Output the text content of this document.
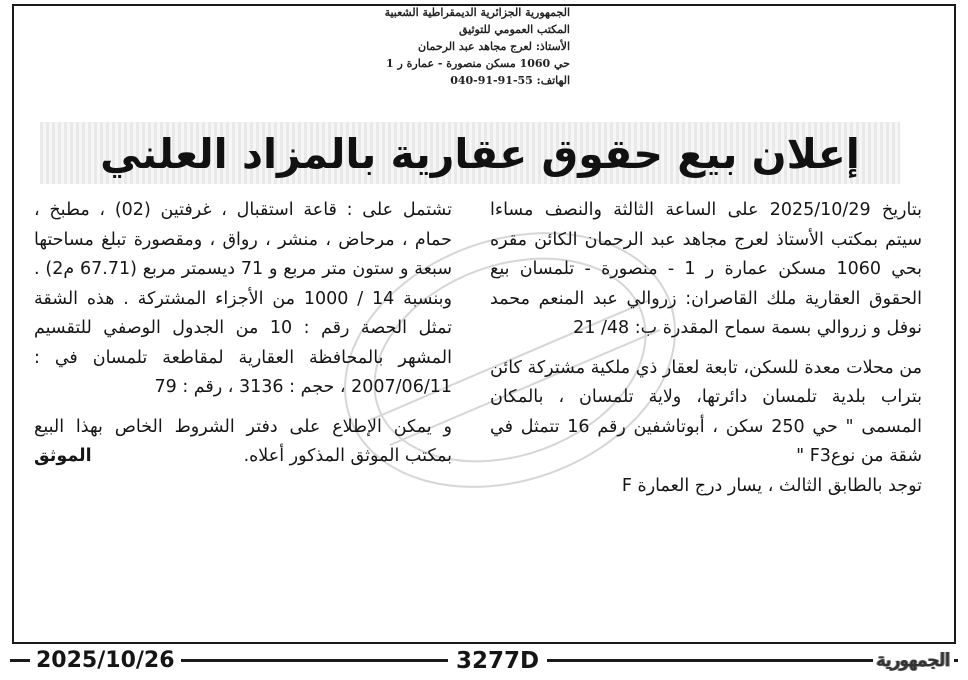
الجمهورية الجزائرية الديمقراطية الشعبية
المكتب العمومي للتوثيق
الأستاذ: لعرج مجاهد عبد الرحمان
حي 1060 مسكن منصورة - عمارة ر 1
الهاتف: 55-91-91-040
إعلان بيع حقوق عقارية بالمزاد العلني

بتاريخ 2025/10/29 على الساعة الثالثة والنصف مساءا سيتم بمكتب الأستاذ لعرج مجاهد عبد الرحمان الكائن مقره بحي 1060 مسكن عمارة ر 1 - منصورة - تلمسان بيع الحقوق العقارية ملك القاصران: زروالي عبد المنعم محمد نوفل و زروالي بسمة سماح المقدرة ب: 48/ 21

من محلات معدة للسكن، تابعة لعقار ذي ملكية مشتركة كائن بتراب بلدية تلمسان دائرتها، ولاية تلمسان ، بالمكان المسمى " حي 250 سكن ، أبوتاشفين رقم 16 تتمثل في شقة من نوعF3 "

توجد بالطابق الثالث ، يسار درج العمارة F

تشتمل على : قاعة استقبال ، غرفتين (02) ، مطبخ ، حمام ، مرحاض ، منشر ، رواق ، ومقصورة تبلغ مساحتها سبعة و ستون متر مربع و 71 ديسمتر مربع (67.71 م2) . وبنسبة 14 / 1000 من الأجزاء المشتركة . هذه الشقة تمثل الحصة رقم : 10 من الجدول الوصفي للتقسيم المشهر بالمحافظة العقارية لمقاطعة تلمسان في : 2007/06/11 ، حجم : 3136 ، رقم : 79

و يمكن الإطلاع على دفتر الشروط الخاص بهذا البيع بمكتب الموثق المذكور أعلاه.

الموثق

2025/10/26	3277D	الجمهورية
